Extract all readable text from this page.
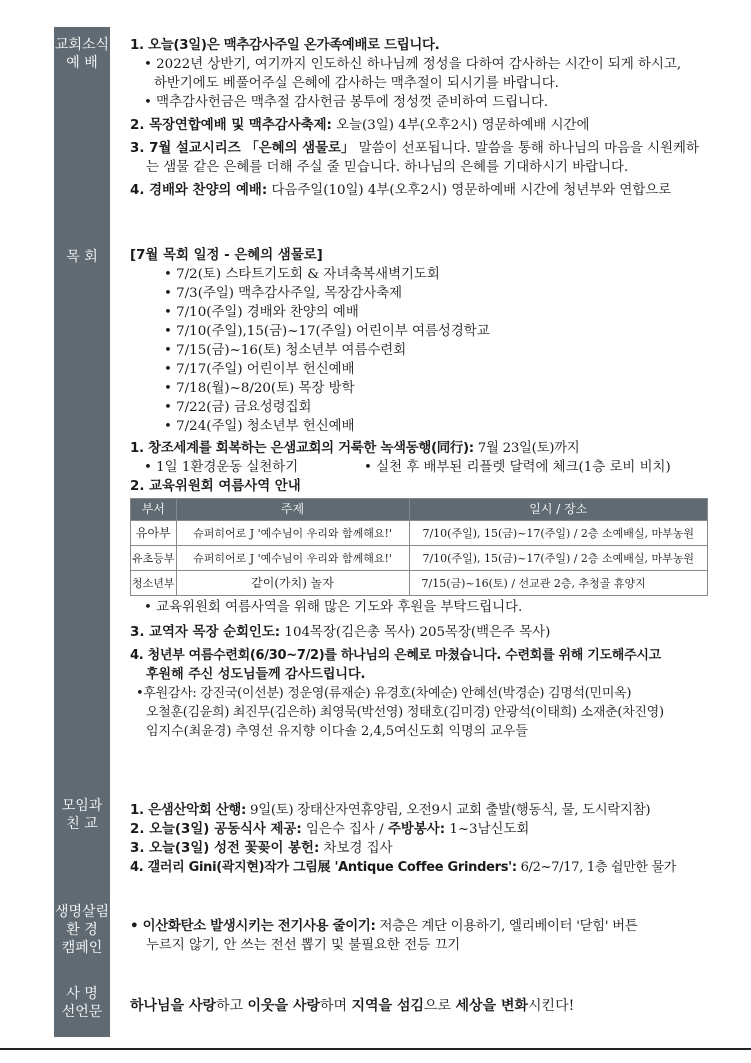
교회소식
예 배
목 회
모임과
친 교
생명살림
환 경
캠페인
사 명
선언문
1. 오늘(3일)은 맥추감사주일 온가족예배로 드립니다.
• 2022년 상반기, 여기까지 인도하신 하나님께 정성을 다하여 감사하는 시간이 되게 하시고,
하반기에도 베풀어주실 은혜에 감사하는 맥추절이 되시기를 바랍니다.
• 맥추감사헌금은 맥추절 감사헌금 봉투에 정성껏 준비하여 드립니다.
2. 목장연합예배 및 맥추감사축제: 오늘(3일) 4부(오후2시) 영문하예배 시간에
3. 7월 설교시리즈 「은혜의 샘물로」 말씀이 선포됩니다. 말씀을 통해 하나님의 마음을 시원케하
는 샘물 같은 은혜를 더해 주실 줄 믿습니다. 하나님의 은혜를 기대하시기 바랍니다.
4. 경배와 찬양의 예배: 다음주일(10일) 4부(오후2시) 영문하예배 시간에 청년부와 연합으로
[7월 목회 일정 - 은혜의 샘물로]
• 7/2(토) 스타트기도회 & 자녀축복새벽기도회
• 7/3(주일) 맥추감사주일, 목장감사축제
• 7/10(주일) 경배와 찬양의 예배
• 7/10(주일),15(금)~17(주일) 어린이부 여름성경학교
• 7/15(금)~16(토) 청소년부 여름수련회
• 7/17(주일) 어린이부 헌신예배
• 7/18(월)~8/20(토) 목장 방학
• 7/22(금) 금요성령집회
• 7/24(주일) 청소년부 헌신예배
1. 창조세계를 회복하는 은샘교회의 거룩한 녹색동행(同行): 7월 23일(토)까지
• 1일 1환경운동 실천하기	• 실천 후 배부된 리플렛 달력에 체크(1층 로비 비치)
2. 교육위원회 여름사역 안내
부서	주제	일시 / 장소
유아부	슈퍼히어로 J '예수님이 우리와 함께해요!'	7/10(주일), 15(금)~17(주일) / 2층 소예배실, 마부농원
유초등부	슈퍼히어로 J '예수님이 우리와 함께해요!'	7/10(주일), 15(금)~17(주일) / 2층 소예배실, 마부농원
청소년부	같이(가치) 놀자	7/15(금)~16(토) / 선교관 2층, 추청골 휴양지
• 교육위원회 여름사역을 위해 많은 기도와 후원을 부탁드립니다.
3. 교역자 목장 순회인도: 104목장(김은총 목사) 205목장(백은주 목사)
4. 청년부 여름수련회(6/30~7/2)를 하나님의 은혜로 마쳤습니다. 수련회를 위해 기도해주시고
후원해 주신 성도님들께 감사드립니다.
•후원감사: 강진국(이선분) 정운영(류재순) 유경호(차예순) 안혜선(박경순) 김명석(민미옥)
오철훈(김윤희) 최진무(김은하) 최영묵(박선영) 정태호(김미경) 안광석(이태희) 소재춘(차진영)
임지수(최윤경) 추영선 유지향 이다솔 2,4,5여신도회 익명의 교우들
1. 은샘산악회 산행: 9일(토) 장태산자연휴양림, 오전9시 교회 출발(행동식, 물, 도시락지참)
2. 오늘(3일) 공동식사 제공: 임은수 집사 / 주방봉사: 1~3남신도회
3. 오늘(3일) 성전 꽃꽂이 봉헌: 차보경 집사
4. 갤러리 Gini(곽지현)작가 그림展 'Antique Coffee Grinders': 6/2~7/17, 1층 쉴만한 물가
• 이산화탄소 발생시키는 전기사용 줄이기: 저층은 계단 이용하기, 엘리베이터 '닫힘' 버튼
누르지 않기, 안 쓰는 전선 뽑기 및 불필요한 전등 끄기
하나님을 사랑하고 이웃을 사랑하며 지역을 섬김으로 세상을 변화시킨다!
